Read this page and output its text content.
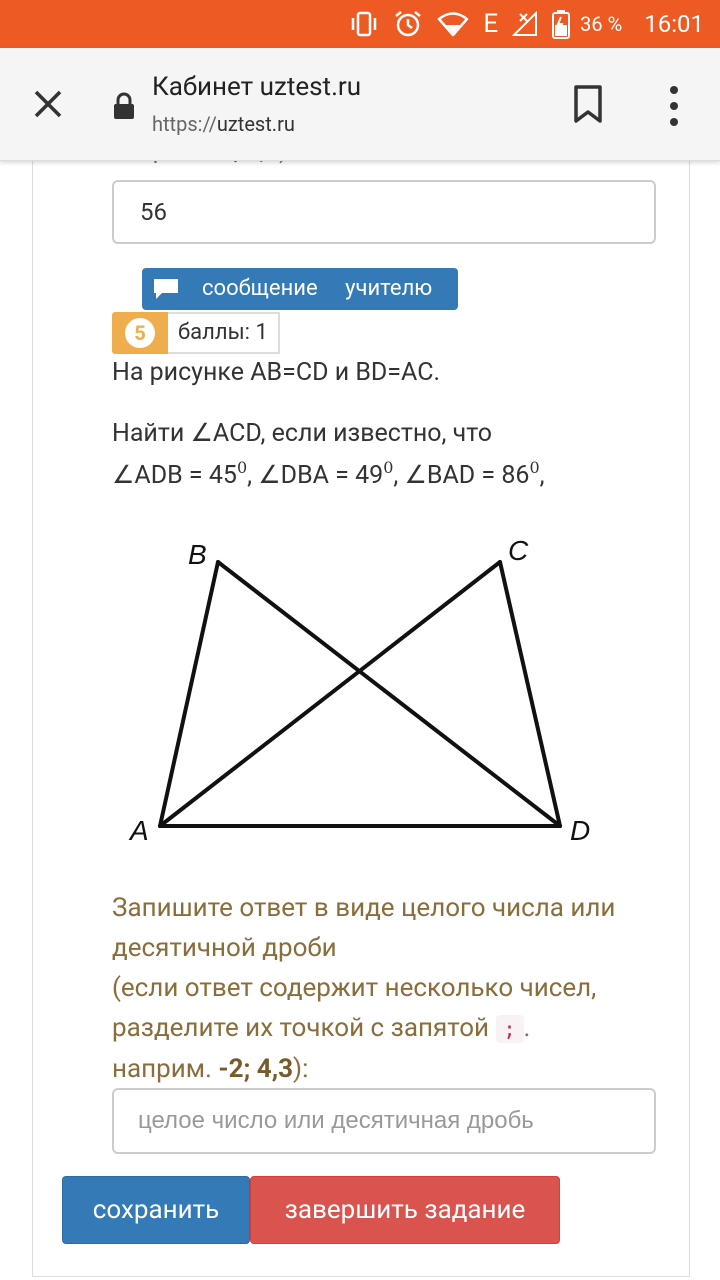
E	36 % 16:01
Кабинет uztest.ru
https://uztest.ru
56
сообщение учителю
5	баллы: 1
На рисунке AB=CD и BD=AC.
Найти ∠ACD, если известно, что
∠ADB = $45^0$, ∠DBA = $49^0$, ∠BAD = $86^0$,
B	C
A	D
Запишите ответ в виде целого числа или десятичной дроби
(если ответ содержит несколько чисел, разделите их точкой с запятой ; .
наприм. -2; 4,3):
целое число или десятичная дробь
сохранить	завершить задание
